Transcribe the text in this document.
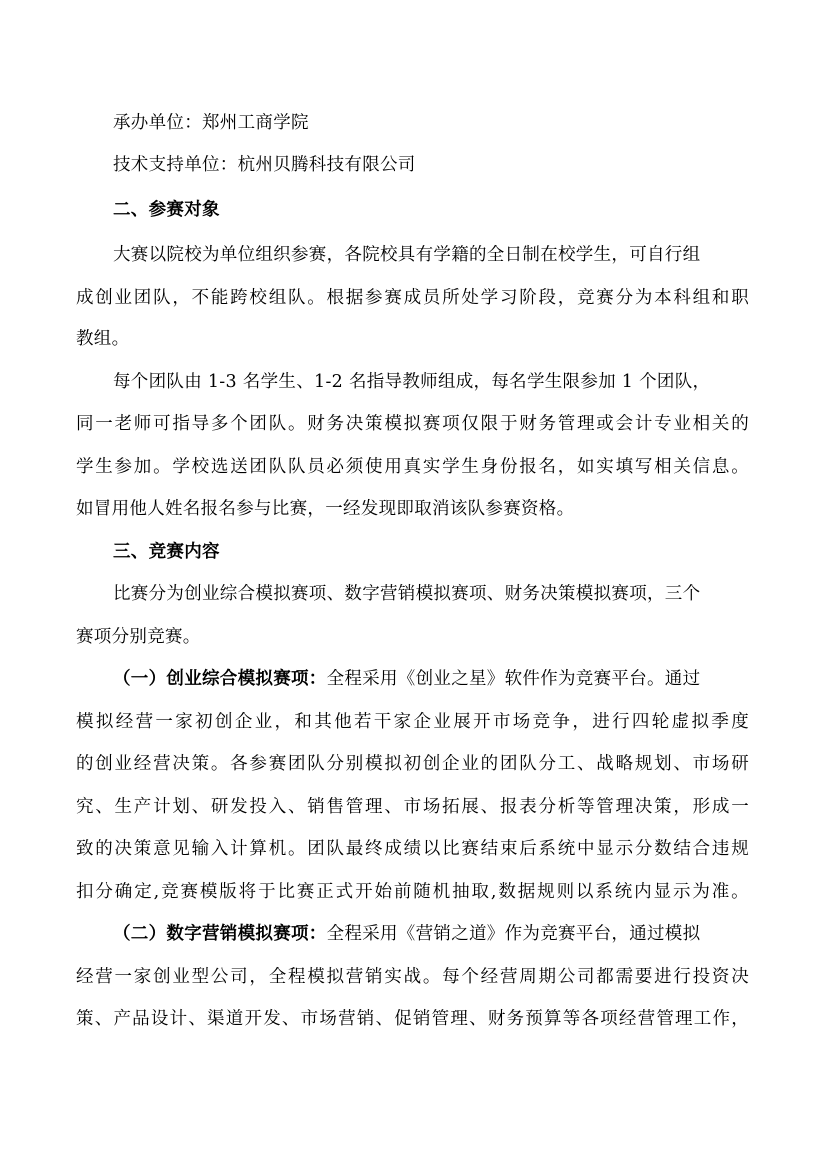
承办单位：郑州工商学院
技术支持单位：杭州贝腾科技有限公司
二、参赛对象
大赛以院校为单位组织参赛，各院校具有学籍的全日制在校学生，可自行组
成创业团队，不能跨校组队。根据参赛成员所处学习阶段，竞赛分为本科组和职
教组。
每个团队由 1-3 名学生、1-2 名指导教师组成，每名学生限参加 1 个团队，
同一老师可指导多个团队。财务决策模拟赛项仅限于财务管理或会计专业相关的
学生参加。学校选送团队队员必须使用真实学生身份报名，如实填写相关信息。
如冒用他人姓名报名参与比赛，一经发现即取消该队参赛资格。
三、竞赛内容
比赛分为创业综合模拟赛项、数字营销模拟赛项、财务决策模拟赛项，三个
赛项分别竞赛。
（一）创业综合模拟赛项：全程采用《创业之星》软件作为竞赛平台。通过
模拟经营一家初创企业，和其他若干家企业展开市场竞争，进行四轮虚拟季度
的创业经营决策。各参赛团队分别模拟初创企业的团队分工、战略规划、市场研
究、生产计划、研发投入、销售管理、市场拓展、报表分析等管理决策，形成一
致的决策意见输入计算机。团队最终成绩以比赛结束后系统中显示分数结合违规
扣分确定,竞赛模版将于比赛正式开始前随机抽取,数据规则以系统内显示为准。
（二）数字营销模拟赛项：全程采用《营销之道》作为竞赛平台，通过模拟
经营一家创业型公司，全程模拟营销实战。每个经营周期公司都需要进行投资决
策、产品设计、渠道开发、市场营销、促销管理、财务预算等各项经营管理工作，
